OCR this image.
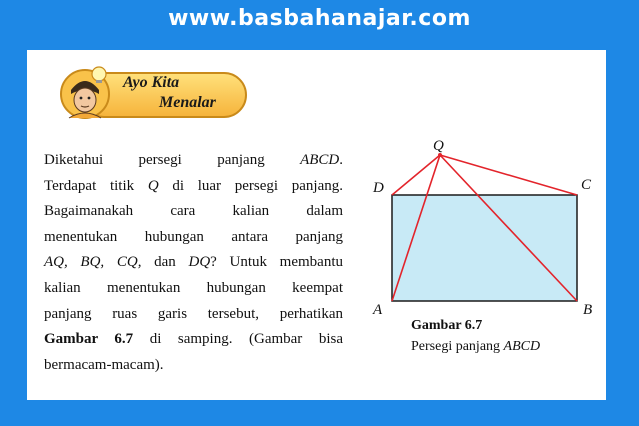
www.basbahanajar.com
Ayo Kita
Menalar
Diketahui persegi panjang ABCD.
Terdapat titik Q di luar persegi panjang.
Bagaimanakah cara kalian dalam
menentukan hubungan antara panjang
AQ, BQ, CQ, dan DQ? Untuk membantu
kalian menentukan hubungan keempat
panjang ruas garis tersebut, perhatikan
Gambar 6.7 di samping. (Gambar bisa
bermacam-macam).
Q
D	C
A	B
Gambar 6.7
Persegi panjang ABCD
